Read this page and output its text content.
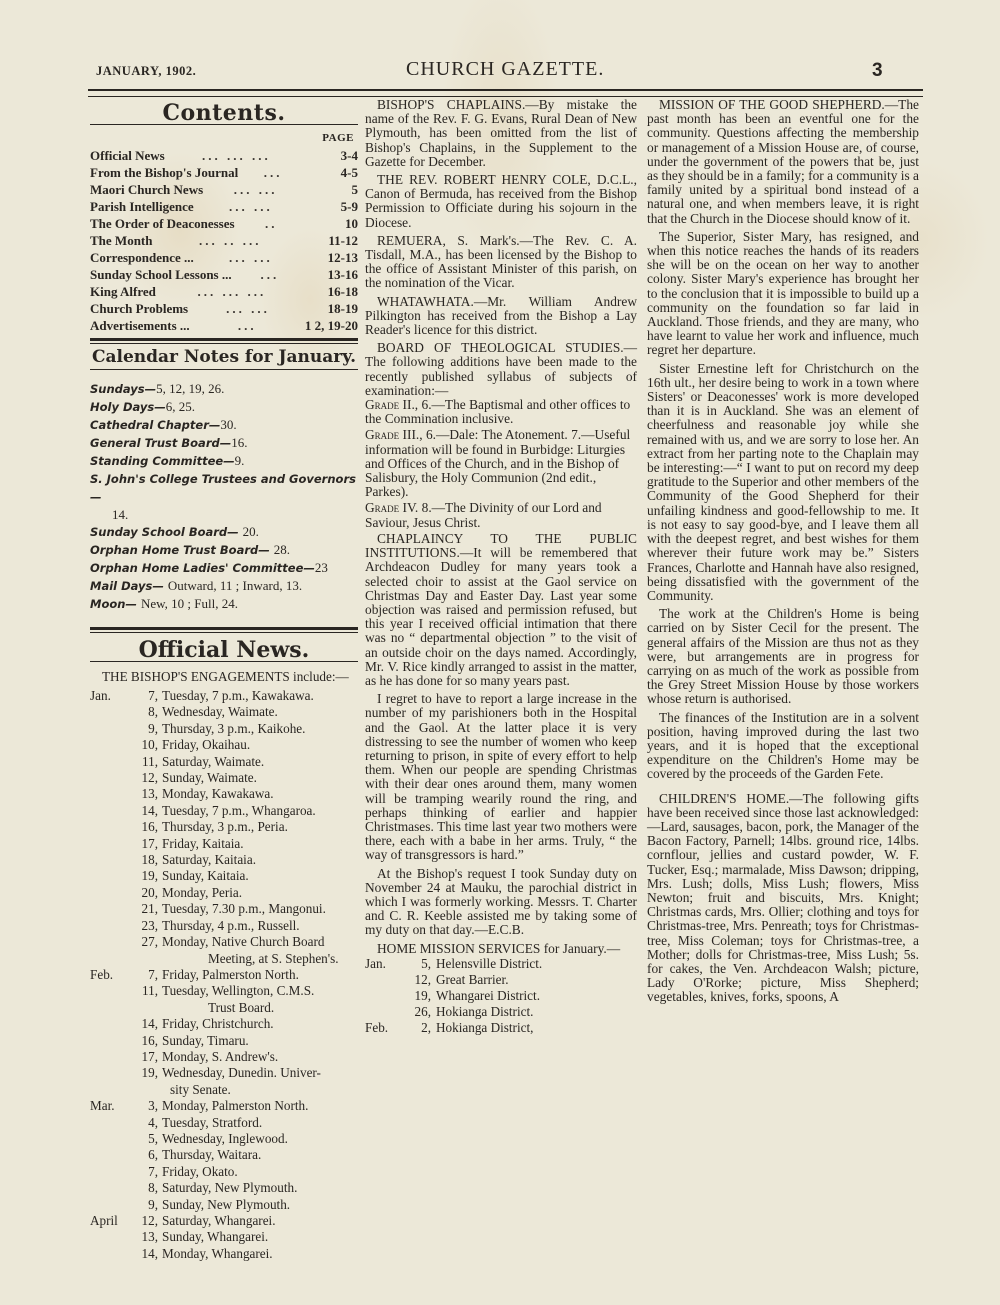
JANUARY, 1902.	CHURCH GAZETTE.	3
Contents.
PAGE
Official News	... ... ...	3-4
From the Bishop's Journal	...	4-5
Maori Church News	... ...	5
Parish Intelligence	... ...	5-9
The Order of Deaconesses	..	10
The Month	... .. ...	11-12
Correspondence ...	... ...	12-13
Sunday School Lessons ...	...	13-16
King Alfred	... ... ...	16-18
Church Problems	... ...	18-19
Advertisements ...	...	1 2, 19-20
Calendar Notes for January.
Sundays—5, 12, 19, 26.
Holy Days—6, 25.
Cathedral Chapter—30.
General Trust Board—16.
Standing Committee—9.
S. John's College Trustees and Governors—
14.
Sunday School Board— 20.
Orphan Home Trust Board— 28.
Orphan Home Ladies' Committee—23
Mail Days— Outward, 11 ; Inward, 13.
Moon— New, 10 ; Full, 24.
Official News.

THE BISHOP'S ENGAGEMENTS include:—

Jan.	7, Tuesday, 7 p.m., Kawakawa.
8, Wednesday, Waimate.
9, Thursday, 3 p.m., Kaikohe.
10, Friday, Okaihau.
11, Saturday, Waimate.
12, Sunday, Waimate.
13, Monday, Kawakawa.
14, Tuesday, 7 p.m., Whangaroa.
16, Thursday, 3 p.m., Peria.
17, Friday, Kaitaia.
18, Saturday, Kaitaia.
19, Sunday, Kaitaia.
20, Monday, Peria.
21, Tuesday, 7.30 p.m., Mangonui.
23, Thursday, 4 p.m., Russell.
27, Monday, Native Church Board
Meeting, at S. Stephen's.
Feb.	7, Friday, Palmerston North.
11, Tuesday, Wellington, C.M.S.
Trust Board.
14, Friday, Christchurch.
16, Sunday, Timaru.
17, Monday, S. Andrew's.
19, Wednesday, Dunedin. Univer-
sity Senate.
Mar.	3, Monday, Palmerston North.
4, Tuesday, Stratford.
5, Wednesday, Inglewood.
6, Thursday, Waitara.
7, Friday, Okato.
8, Saturday, New Plymouth.
9, Sunday, New Plymouth.
April 12, Saturday, Whangarei.
13, Sunday, Whangarei.
14, Monday, Whangarei.

BISHOP'S CHAPLAINS.—By mistake the name of the Rev. F. G. Evans, Rural Dean of New Plymouth, has been omitted from the list of Bishop's Chaplains, in the Supplement to the Gazette for December.

THE REV. ROBERT HENRY COLE, D.C.L., Canon of Bermuda, has received from the Bishop Permission to Officiate during his sojourn in the Diocese.

REMUERA, S. Mark's.—The Rev. C. A. Tisdall, M.A., has been licensed by the Bishop to the office of Assistant Minister of this parish, on the nomination of the Vicar.

WHATAWHATA.—Mr. William Andrew Pilkington has received from the Bishop a Lay Reader's licence for this district.

BOARD OF THEOLOGICAL STUDIES.—The following additions have been made to the recently published syllabus of subjects of examination:—

Grade II., 6.—The Baptismal and other offices to the Commination inclusive.
Grade III., 6.—Dale: The Atonement. 7.—Useful information will be found in Burbidge: Liturgies and Offices of the Church, and in the Bishop of Salisbury, the Holy Communion (2nd edit., Parkes).
Grade IV. 8.—The Divinity of our Lord and Saviour, Jesus Christ.

CHAPLAINCY TO THE PUBLIC INSTITUTIONS.—It will be remembered that Archdeacon Dudley for many years took a selected choir to assist at the Gaol service on Christmas Day and Easter Day. Last year some objection was raised and permission refused, but this year I received official intimation that there was no “ departmental objection ” to the visit of an outside choir on the days named. Accordingly, Mr. V. Rice kindly arranged to assist in the matter, as he has done for so many years past.

I regret to have to report a large increase in the number of my parishioners both in the Hospital and the Gaol. At the latter place it is very distressing to see the number of women who keep returning to prison, in spite of every effort to help them. When our people are spending Christmas with their dear ones around them, many women will be tramping wearily round the ring, and perhaps thinking of earlier and happier Christmases. This time last year two mothers were there, each with a babe in her arms. Truly, “ the way of transgressors is hard.”

At the Bishop's request I took Sunday duty on November 24 at Mauku, the parochial district in which I was formerly working. Messrs. T. Charter and C. R. Keeble assisted me by taking some of my duty on that day.—E.C.B.

HOME MISSION SERVICES for January.—

Jan.	5, Helensville District.
12, Great Barrier.
19, Whangarei District.
26, Hokianga District.
Feb.	2, Hokianga District,

MISSION OF THE GOOD SHEPHERD.—The past month has been an eventful one for the community. Questions affecting the membership or management of a Mission House are, of course, under the government of the powers that be, just as they should be in a family; for a community is a family united by a spiritual bond instead of a natural one, and when members leave, it is right that the Church in the Diocese should know of it.

The Superior, Sister Mary, has resigned, and when this notice reaches the hands of its readers she will be on the ocean on her way to another colony. Sister Mary's experience has brought her to the conclusion that it is impossible to build up a community on the foundation so far laid in Auckland. Those friends, and they are many, who have learnt to value her work and influence, much regret her departure.

Sister Ernestine left for Christchurch on the 16th ult., her desire being to work in a town where Sisters' or Deaconesses' work is more developed than it is in Auckland. She was an element of cheerfulness and reasonable joy while she remained with us, and we are sorry to lose her. An extract from her parting note to the Chaplain may be interesting:—“ I want to put on record my deep gratitude to the Superior and other members of the Community of the Good Shepherd for their unfailing kindness and good-fellowship to me. It is not easy to say good-bye, and I leave them all with the deepest regret, and best wishes for them wherever their future work may be.” Sisters Frances, Charlotte and Hannah have also resigned, being dissatisfied with the government of the Community.

The work at the Children's Home is being carried on by Sister Cecil for the present. The general affairs of the Mission are thus not as they were, but arrangements are in progress for carrying on as much of the work as possible from the Grey Street Mission House by those workers whose return is authorised.

The finances of the Institution are in a solvent position, having improved during the last two years, and it is hoped that the exceptional expenditure on the Children's Home may be covered by the proceeds of the Garden Fete.

CHILDREN'S HOME.—The following gifts have been received since those last acknowledged:—Lard, sausages, bacon, pork, the Manager of the Bacon Factory, Parnell; 14lbs. ground rice, 14lbs. cornflour, jellies and custard powder, W. F. Tucker, Esq.; marmalade, Miss Dawson; dripping, Mrs. Lush; dolls, Miss Lush; flowers, Miss Newton; fruit and biscuits, Mrs. Knight; Christmas cards, Mrs. Ollier; clothing and toys for Christmas-tree, Mrs. Penreath; toys for Christmas-tree, Miss Coleman; toys for Christmas-tree, a Mother; dolls for Christmas-tree, Miss Lush; 5s. for cakes, the Ven. Archdeacon Walsh; picture, Lady O'Rorke; picture, Miss Shepherd; vegetables, knives, forks, spoons, A
